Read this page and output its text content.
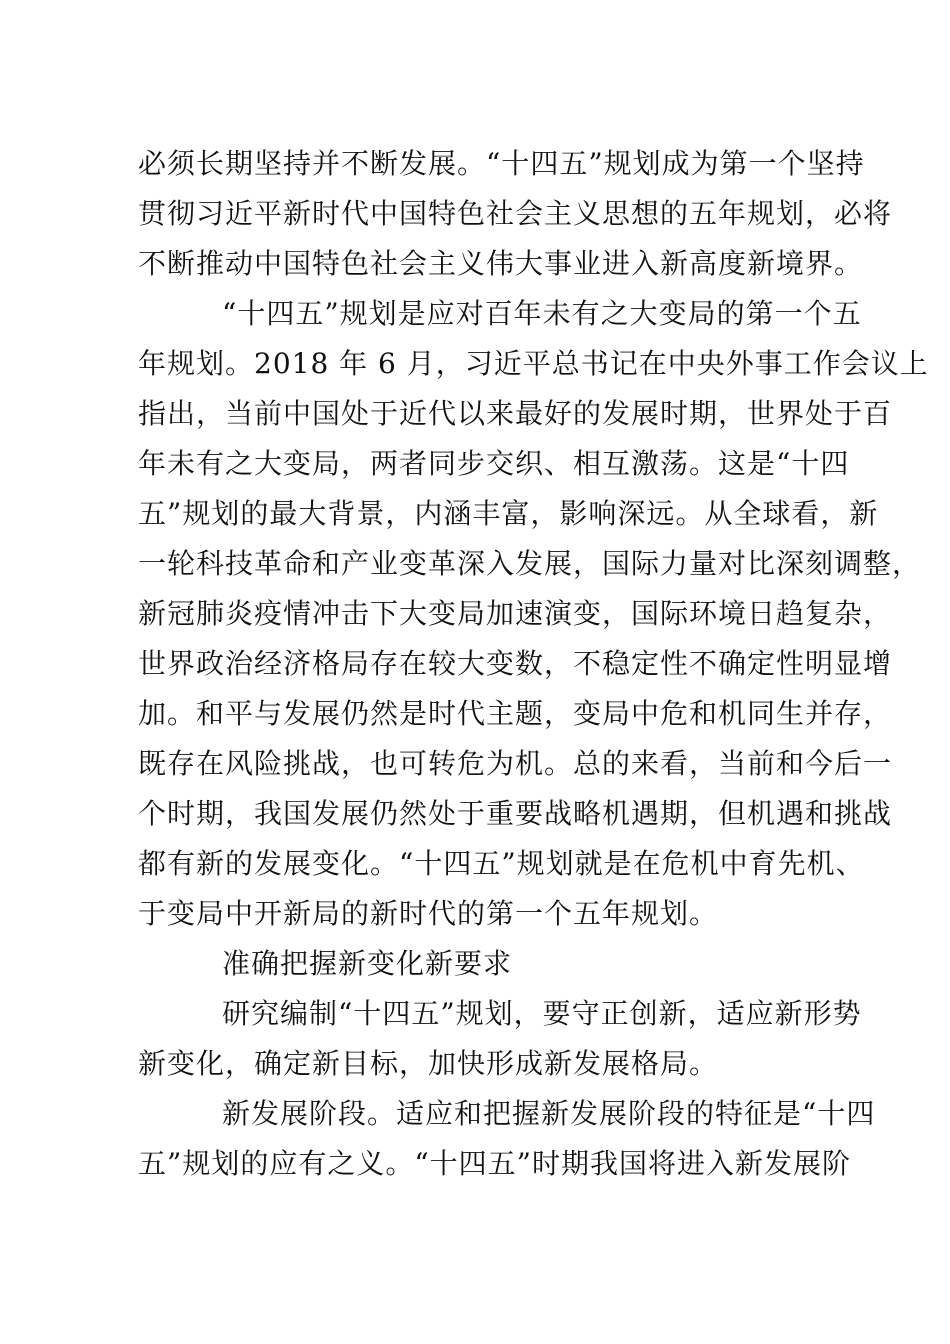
必须长期坚持并不断发展。“十四五”规划成为第一个坚持
贯彻习近平新时代中国特色社会主义思想的五年规划，必将
不断推动中国特色社会主义伟大事业进入新高度新境界。
“十四五”规划是应对百年未有之大变局的第一个五
年规划。2018 年 6 月，习近平总书记在中央外事工作会议上
指出，当前中国处于近代以来最好的发展时期，世界处于百
年未有之大变局，两者同步交织、相互激荡。这是“十四
五”规划的最大背景，内涵丰富，影响深远。从全球看，新
一轮科技革命和产业变革深入发展，国际力量对比深刻调整，
新冠肺炎疫情冲击下大变局加速演变，国际环境日趋复杂，
世界政治经济格局存在较大变数，不稳定性不确定性明显增
加。和平与发展仍然是时代主题，变局中危和机同生并存，
既存在风险挑战，也可转危为机。总的来看，当前和今后一
个时期，我国发展仍然处于重要战略机遇期，但机遇和挑战
都有新的发展变化。“十四五”规划就是在危机中育先机、
于变局中开新局的新时代的第一个五年规划。
准确把握新变化新要求
研究编制“十四五”规划，要守正创新，适应新形势
新变化，确定新目标，加快形成新发展格局。
新发展阶段。适应和把握新发展阶段的特征是“十四
五”规划的应有之义。“十四五”时期我国将进入新发展阶
